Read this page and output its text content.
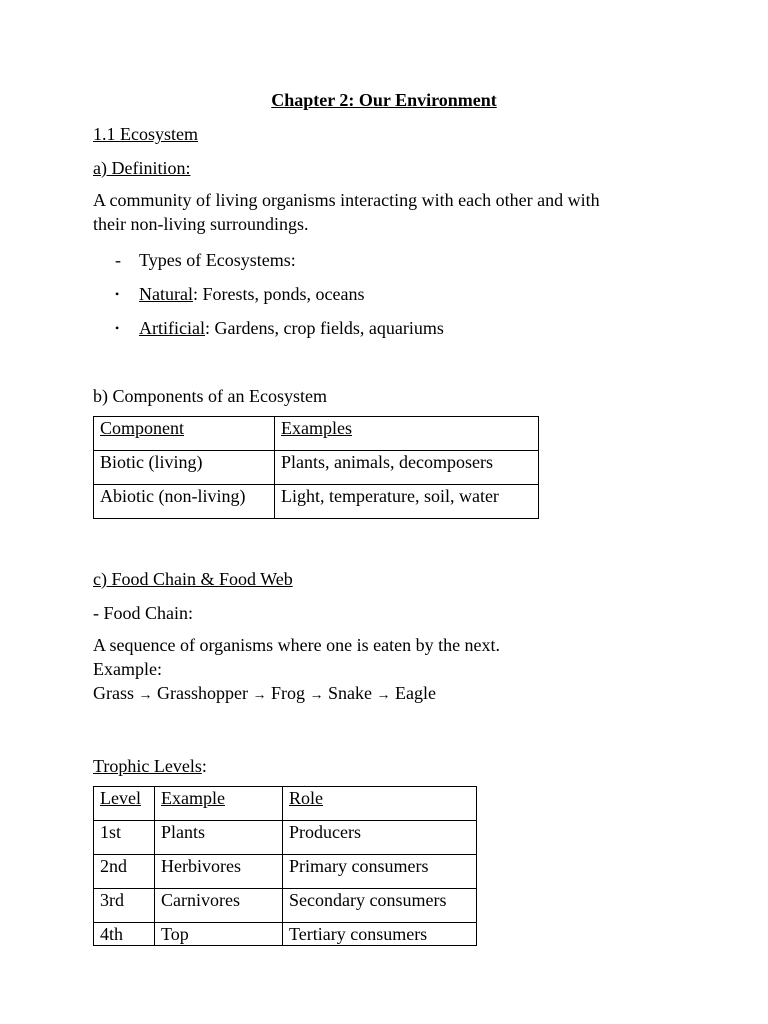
Chapter 2: Our Environment
1.1 Ecosystem
a) Definition:
A community of living organisms interacting with each other and with
their non-living surroundings.
- Types of Ecosystems:
• Natural: Forests, ponds, oceans
• Artificial: Gardens, crop fields, aquariums
b) Components of an Ecosystem
Component	Examples
Biotic (living)	Plants, animals, decomposers
Abiotic (non-living)	Light, temperature, soil, water
c) Food Chain & Food Web
- Food Chain:
A sequence of organisms where one is eaten by the next.
Example:
Grass → Grasshopper → Frog → Snake → Eagle
Trophic Levels:
Level	Example	Role
1st	Plants	Producers
2nd	Herbivores	Primary consumers
3rd	Carnivores	Secondary consumers
4th	Top	Tertiary consumers
